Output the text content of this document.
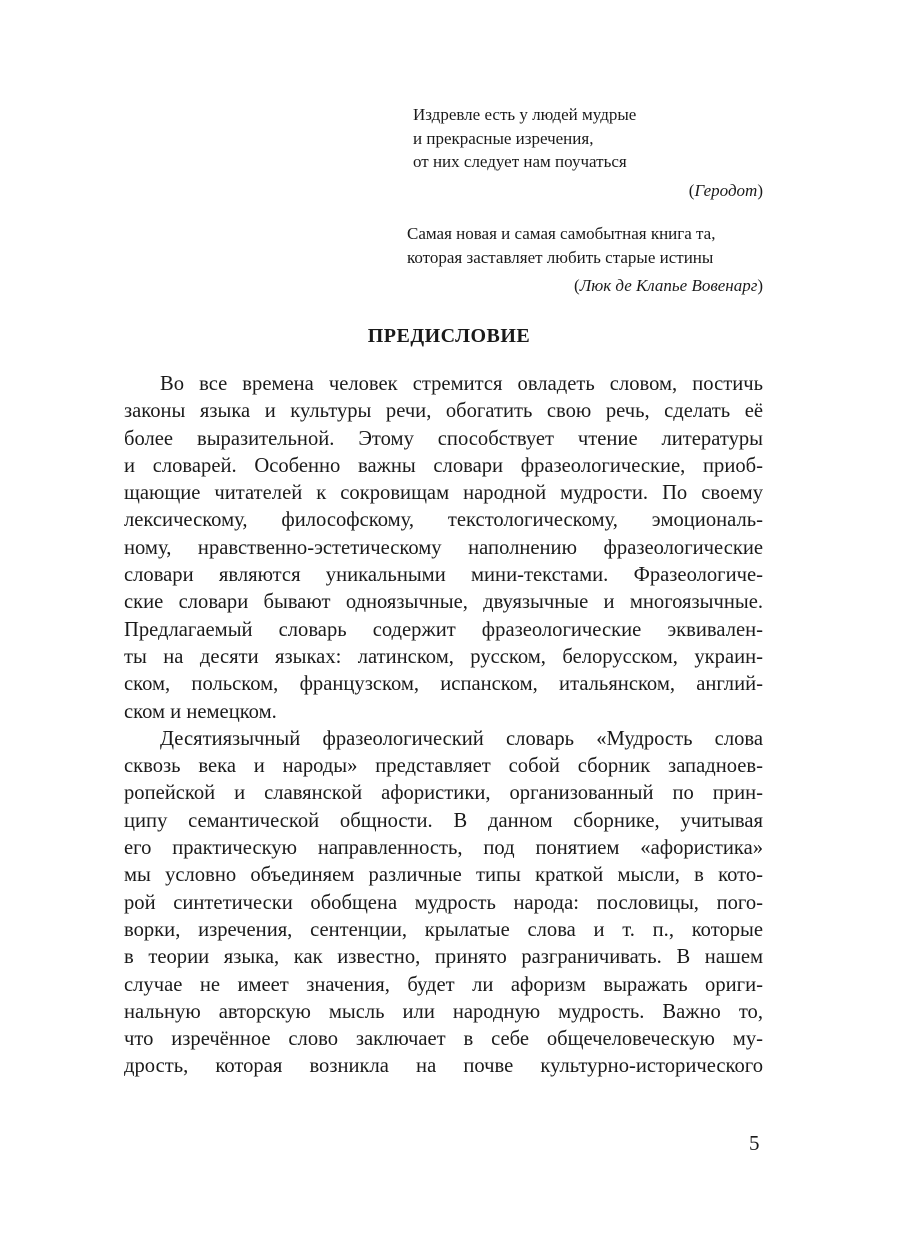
Издревле есть у людей мудрые
и прекрасные изречения,
от них следует нам поучаться
(Геродот)
Самая новая и самая самобытная книга та,
которая заставляет любить старые истины
(Люк де Клапье Вовенарг)
ПРЕДИСЛОВИЕ
Во все времена человек стремится овладеть словом, постичь
законы языка и культуры речи, обогатить свою речь, сделать её
более выразительной. Этому способствует чтение литературы
и словарей. Особенно важны словари фразеологические, приоб-
щающие читателей к сокровищам народной мудрости. По своему
лексическому, философскому, текстологическому, эмоциональ-
ному, нравственно-эстетическому наполнению фразеологические
словари являются уникальными мини-текстами. Фразеологиче-
ские словари бывают одноязычные, двуязычные и многоязычные.
Предлагаемый словарь содержит фразеологические эквивален-
ты на десяти языках: латинском, русском, белорусском, украин-
ском, польском, французском, испанском, итальянском, англий-
ском и немецком.
Десятиязычный фразеологический словарь «Мудрость слова
сквозь века и народы» представляет собой сборник западноев-
ропейской и славянской афористики, организованный по прин-
ципу семантической общности. В данном сборнике, учитывая
его практическую направленность, под понятием «афористика»
мы условно объединяем различные типы краткой мысли, в кото-
рой синтетически обобщена мудрость народа: пословицы, пого-
ворки, изречения, сентенции, крылатые слова и т. п., которые
в теории языка, как известно, принято разграничивать. В нашем
случае не имеет значения, будет ли афоризм выражать ориги-
нальную авторскую мысль или народную мудрость. Важно то,
что изречённое слово заключает в себе общечеловеческую му-
дрость, которая возникла на почве культурно-исторического
5
